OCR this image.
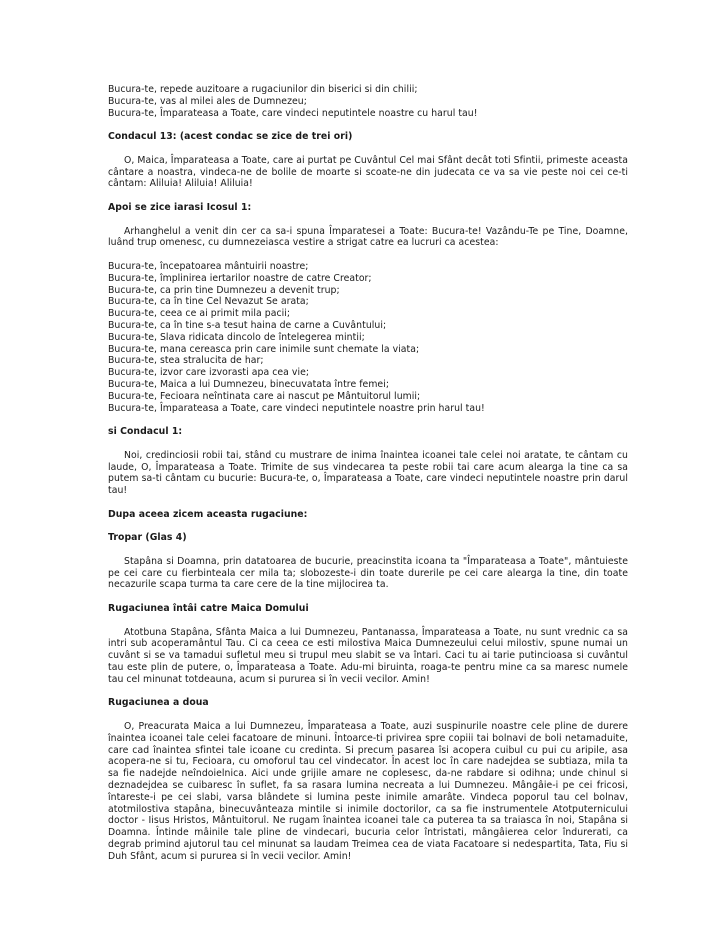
Bucura-te, repede auzitoare a rugaciunilor din biserici si din chilii;
Bucura-te, vas al milei ales de Dumnezeu;
Bucura-te, Împarateasa a Toate, care vindeci neputintele noastre cu harul tau!
Condacul 13: (acest condac se zice de trei ori)

O, Maica, Împarateasa a Toate, care ai purtat pe Cuvântul Cel mai Sfânt decât toti Sfintii, primeste aceasta cântare a noastra, vindeca-ne de bolile de moarte si scoate-ne din judecata ce va sa vie peste noi cei ce-ti cântam: Aliluia! Aliluia! Aliluia!

Apoi se zice iarasi Icosul 1:

Arhanghelul a venit din cer ca sa-i spuna Împaratesei a Toate: Bucura-te! Vazându-Te pe Tine, Doamne, luând trup omenesc, cu dumnezeiasca vestire a strigat catre ea lucruri ca acestea:

Bucura-te, începatoarea mântuirii noastre;
Bucura-te, împlinirea iertarilor noastre de catre Creator;
Bucura-te, ca prin tine Dumnezeu a devenit trup;
Bucura-te, ca în tine Cel Nevazut Se arata;
Bucura-te, ceea ce ai primit mila pacii;
Bucura-te, ca în tine s-a tesut haina de carne a Cuvântului;
Bucura-te, Slava ridicata dincolo de întelegerea mintii;
Bucura-te, mana cereasca prin care inimile sunt chemate la viata;
Bucura-te, stea stralucita de har;
Bucura-te, izvor care izvorasti apa cea vie;
Bucura-te, Maica a lui Dumnezeu, binecuvatata între femei;
Bucura-te, Fecioara neîntinata care ai nascut pe Mântuitorul lumii;
Bucura-te, Împarateasa a Toate, care vindeci neputintele noastre prin harul tau!
si Condacul 1:

Noi, credinciosii robii tai, stând cu mustrare de inima înaintea icoanei tale celei noi aratate, te cântam cu laude, O, Împarateasa a Toate. Trimite de sus vindecarea ta peste robii tai care acum alearga la tine ca sa putem sa-ti cântam cu bucurie: Bucura-te, o, Împarateasa a Toate, care vindeci neputintele noastre prin darul tau!

Dupa aceea zicem aceasta rugaciune:
Tropar (Glas 4)

Stapâna si Doamna, prin datatoarea de bucurie, preacinstita icoana ta "Împarateasa a Toate", mântuieste pe cei care cu fierbinteala cer mila ta; slobozeste-i din toate durerile pe cei care alearga la tine, din toate necazurile scapa turma ta care cere de la tine mijlocirea ta.

Rugaciunea întâi catre Maica Domului

Atotbuna Stapâna, Sfânta Maica a lui Dumnezeu, Pantanassa, Împarateasa a Toate, nu sunt vrednic ca sa intri sub acoperamântul Tau. Ci ca ceea ce esti milostiva Maica Dumnezeului celui milostiv, spune numai un cuvânt si se va tamadui sufletul meu si trupul meu slabit se va întari. Caci tu ai tarie putincioasa si cuvântul tau este plin de putere, o, Împarateasa a Toate. Adu-mi biruinta, roaga-te pentru mine ca sa maresc numele tau cel minunat totdeauna, acum si pururea si în vecii vecilor. Amin!

Rugaciunea a doua

O, Preacurata Maica a lui Dumnezeu, Împarateasa a Toate, auzi suspinurile noastre cele pline de durere înaintea icoanei tale celei facatoare de minuni. Întoarce-ti privirea spre copiii tai bolnavi de boli netamaduite, care cad înaintea sfintei tale icoane cu credinta. Si precum pasarea îsi acopera cuibul cu pui cu aripile, asa acopera-ne si tu, Fecioara, cu omoforul tau cel vindecator. În acest loc în care nadejdea se subtiaza, mila ta sa fie nadejde neîndoielnica. Aici unde grijile amare ne coplesesc, da-ne rabdare si odihna; unde chinul si deznadejdea se cuibaresc în suflet, fa sa rasara lumina necreata a lui Dumnezeu. Mângâie-i pe cei fricosi, întareste-i pe cei slabi, varsa blândete si lumina peste inimile amarâte. Vindeca poporul tau cel bolnav, atotmilostiva stapâna, binecuvânteaza mintile si inimile doctorilor, ca sa fie instrumentele Atotputernicului doctor - Iisus Hristos, Mântuitorul. Ne rugam înaintea icoanei tale ca puterea ta sa traiasca în noi, Stapâna si Doamna. Întinde mâinile tale pline de vindecari, bucuria celor întristati, mângâierea celor îndurerati, ca degrab primind ajutorul tau cel minunat sa laudam Treimea cea de viata Facatoare si nedespartita, Tata, Fiu si Duh Sfânt, acum si pururea si în vecii vecilor. Amin!
